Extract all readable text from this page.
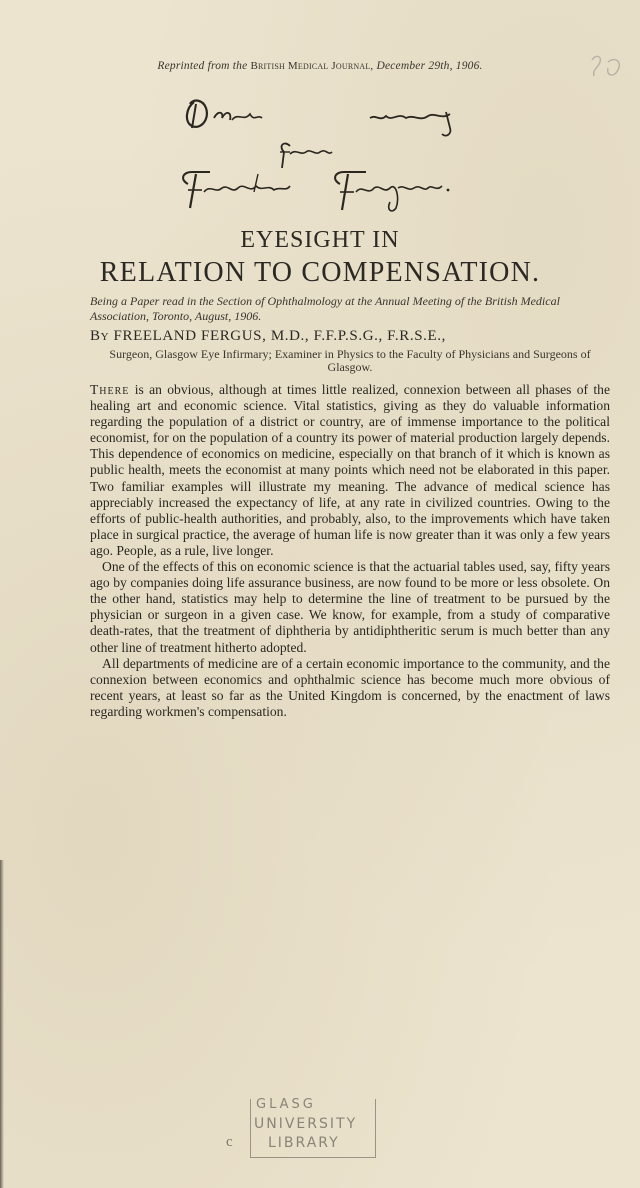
Reprinted from the British Medical Journal, December 29th, 1906.
EYESIGHT IN
RELATION TO COMPENSATION.
Being a Paper read in the Section of Ophthalmology at the Annual Meeting of the British Medical Association, Toronto, August, 1906.
By FREELAND FERGUS, M.D., F.F.P.S.G., F.R.S.E.,
Surgeon, Glasgow Eye Infirmary; Examiner in Physics to the Faculty of Physicians and Surgeons of Glasgow.

There is an obvious, although at times little realized, connexion between all phases of the healing art and economic science. Vital statistics, giving as they do valuable information regarding the population of a district or country, are of immense importance to the political economist, for on the population of a country its power of material production largely depends. This dependence of economics on medicine, especially on that branch of it which is known as public health, meets the economist at many points which need not be elaborated in this paper. Two familiar examples will illustrate my meaning. The advance of medical science has appreciably increased the expectancy of life, at any rate in civilized countries. Owing to the efforts of public-health authorities, and probably, also, to the improvements which have taken place in surgical practice, the average of human life is now greater than it was only a few years ago. People, as a rule, live longer.

One of the effects of this on economic science is that the actuarial tables used, say, fifty years ago by companies doing life assurance business, are now found to be more or less obsolete. On the other hand, statistics may help to determine the line of treatment to be pursued by the physician or surgeon in a given case. We know, for example, from a study of comparative death-rates, that the treatment of diphtheria by antidiphtheritic serum is much better than any other line of treatment hitherto adopted.

All departments of medicine are of a certain economic importance to the community, and the connexion between economics and ophthalmic science has become much more obvious of recent years, at least so far as the United Kingdom is concerned, by the enactment of laws regarding workmen's compensation.

GLASG
UNIVERSITY
LIBRARY
c
